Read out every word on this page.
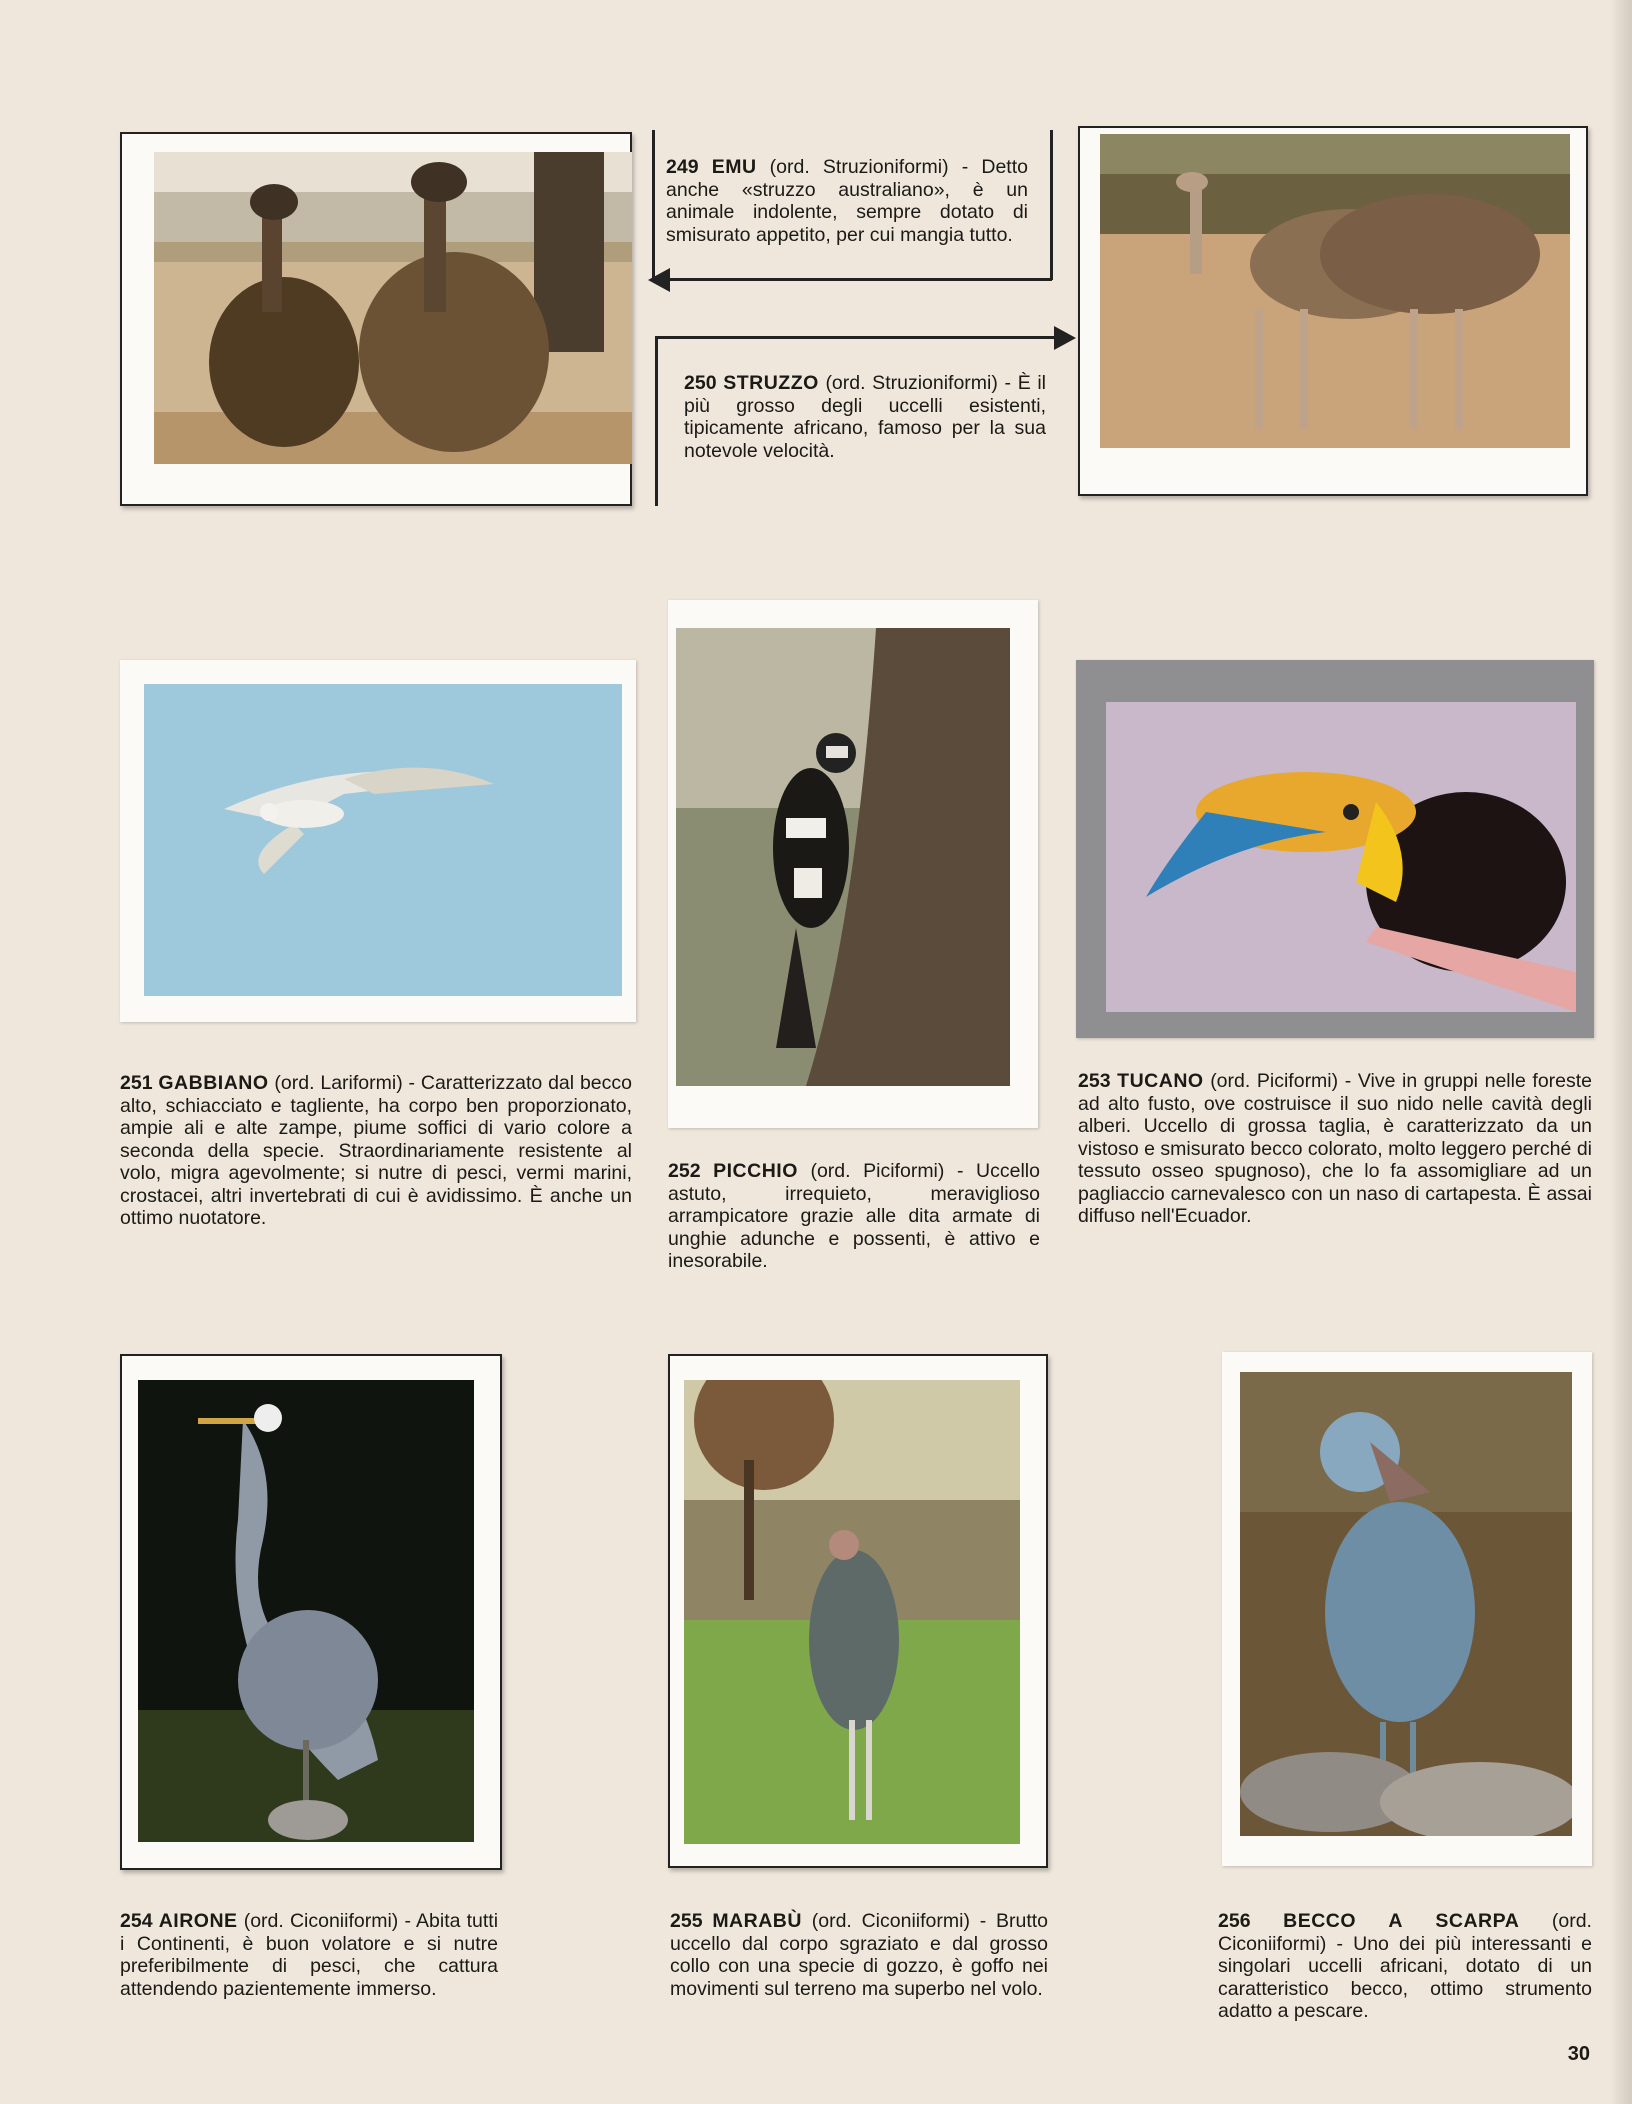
249 EMU (ord. Struzioniformi) - Detto anche «struzzo australiano», è un animale indolente, sempre dotato di smisurato appetito, per cui mangia tutto.
250 STRUZZO (ord. Struzioniformi) - È il più grosso degli uccelli esistenti, tipicamente africano, famoso per la sua notevole velocità.
251 GABBIANO (ord. Lariformi) - Caratterizzato dal becco alto, schiacciato e tagliente, ha corpo ben proporzionato, ampie ali e alte zampe, piume soffici di vario colore a seconda della specie. Straordinariamente resistente al volo, migra agevolmente; si nutre di pesci, vermi marini, crostacei, altri invertebrati di cui è avidissimo. È anche un ottimo nuotatore.
252 PICCHIO (ord. Piciformi) - Uccello astuto, irrequieto, meraviglioso arrampicatore grazie alle dita armate di unghie adunche e possenti, è attivo e inesorabile.
253 TUCANO (ord. Piciformi) - Vive in gruppi nelle foreste ad alto fusto, ove costruisce il suo nido nelle cavità degli alberi. Uccello di grossa taglia, è caratterizzato da un vistoso e smisurato becco colorato, molto leggero perché di tessuto osseo spugnoso), che lo fa assomigliare ad un pagliaccio carnevalesco con un naso di cartapesta. È assai diffuso nell'Ecuador.
254 AIRONE (ord. Ciconiiformi) - Abita tutti i Continenti, è buon volatore e si nutre preferibilmente di pesci, che cattura attendendo pazientemente immerso.
255 MARABÙ (ord. Ciconiiformi) - Brutto uccello dal corpo sgraziato e dal grosso collo con una specie di gozzo, è goffo nei movimenti sul terreno ma superbo nel volo.
256 BECCO A SCARPA (ord. Ciconiiformi) - Uno dei più interessanti e singolari uccelli africani, dotato di un caratteristico becco, ottimo strumento adatto a pescare.
30
